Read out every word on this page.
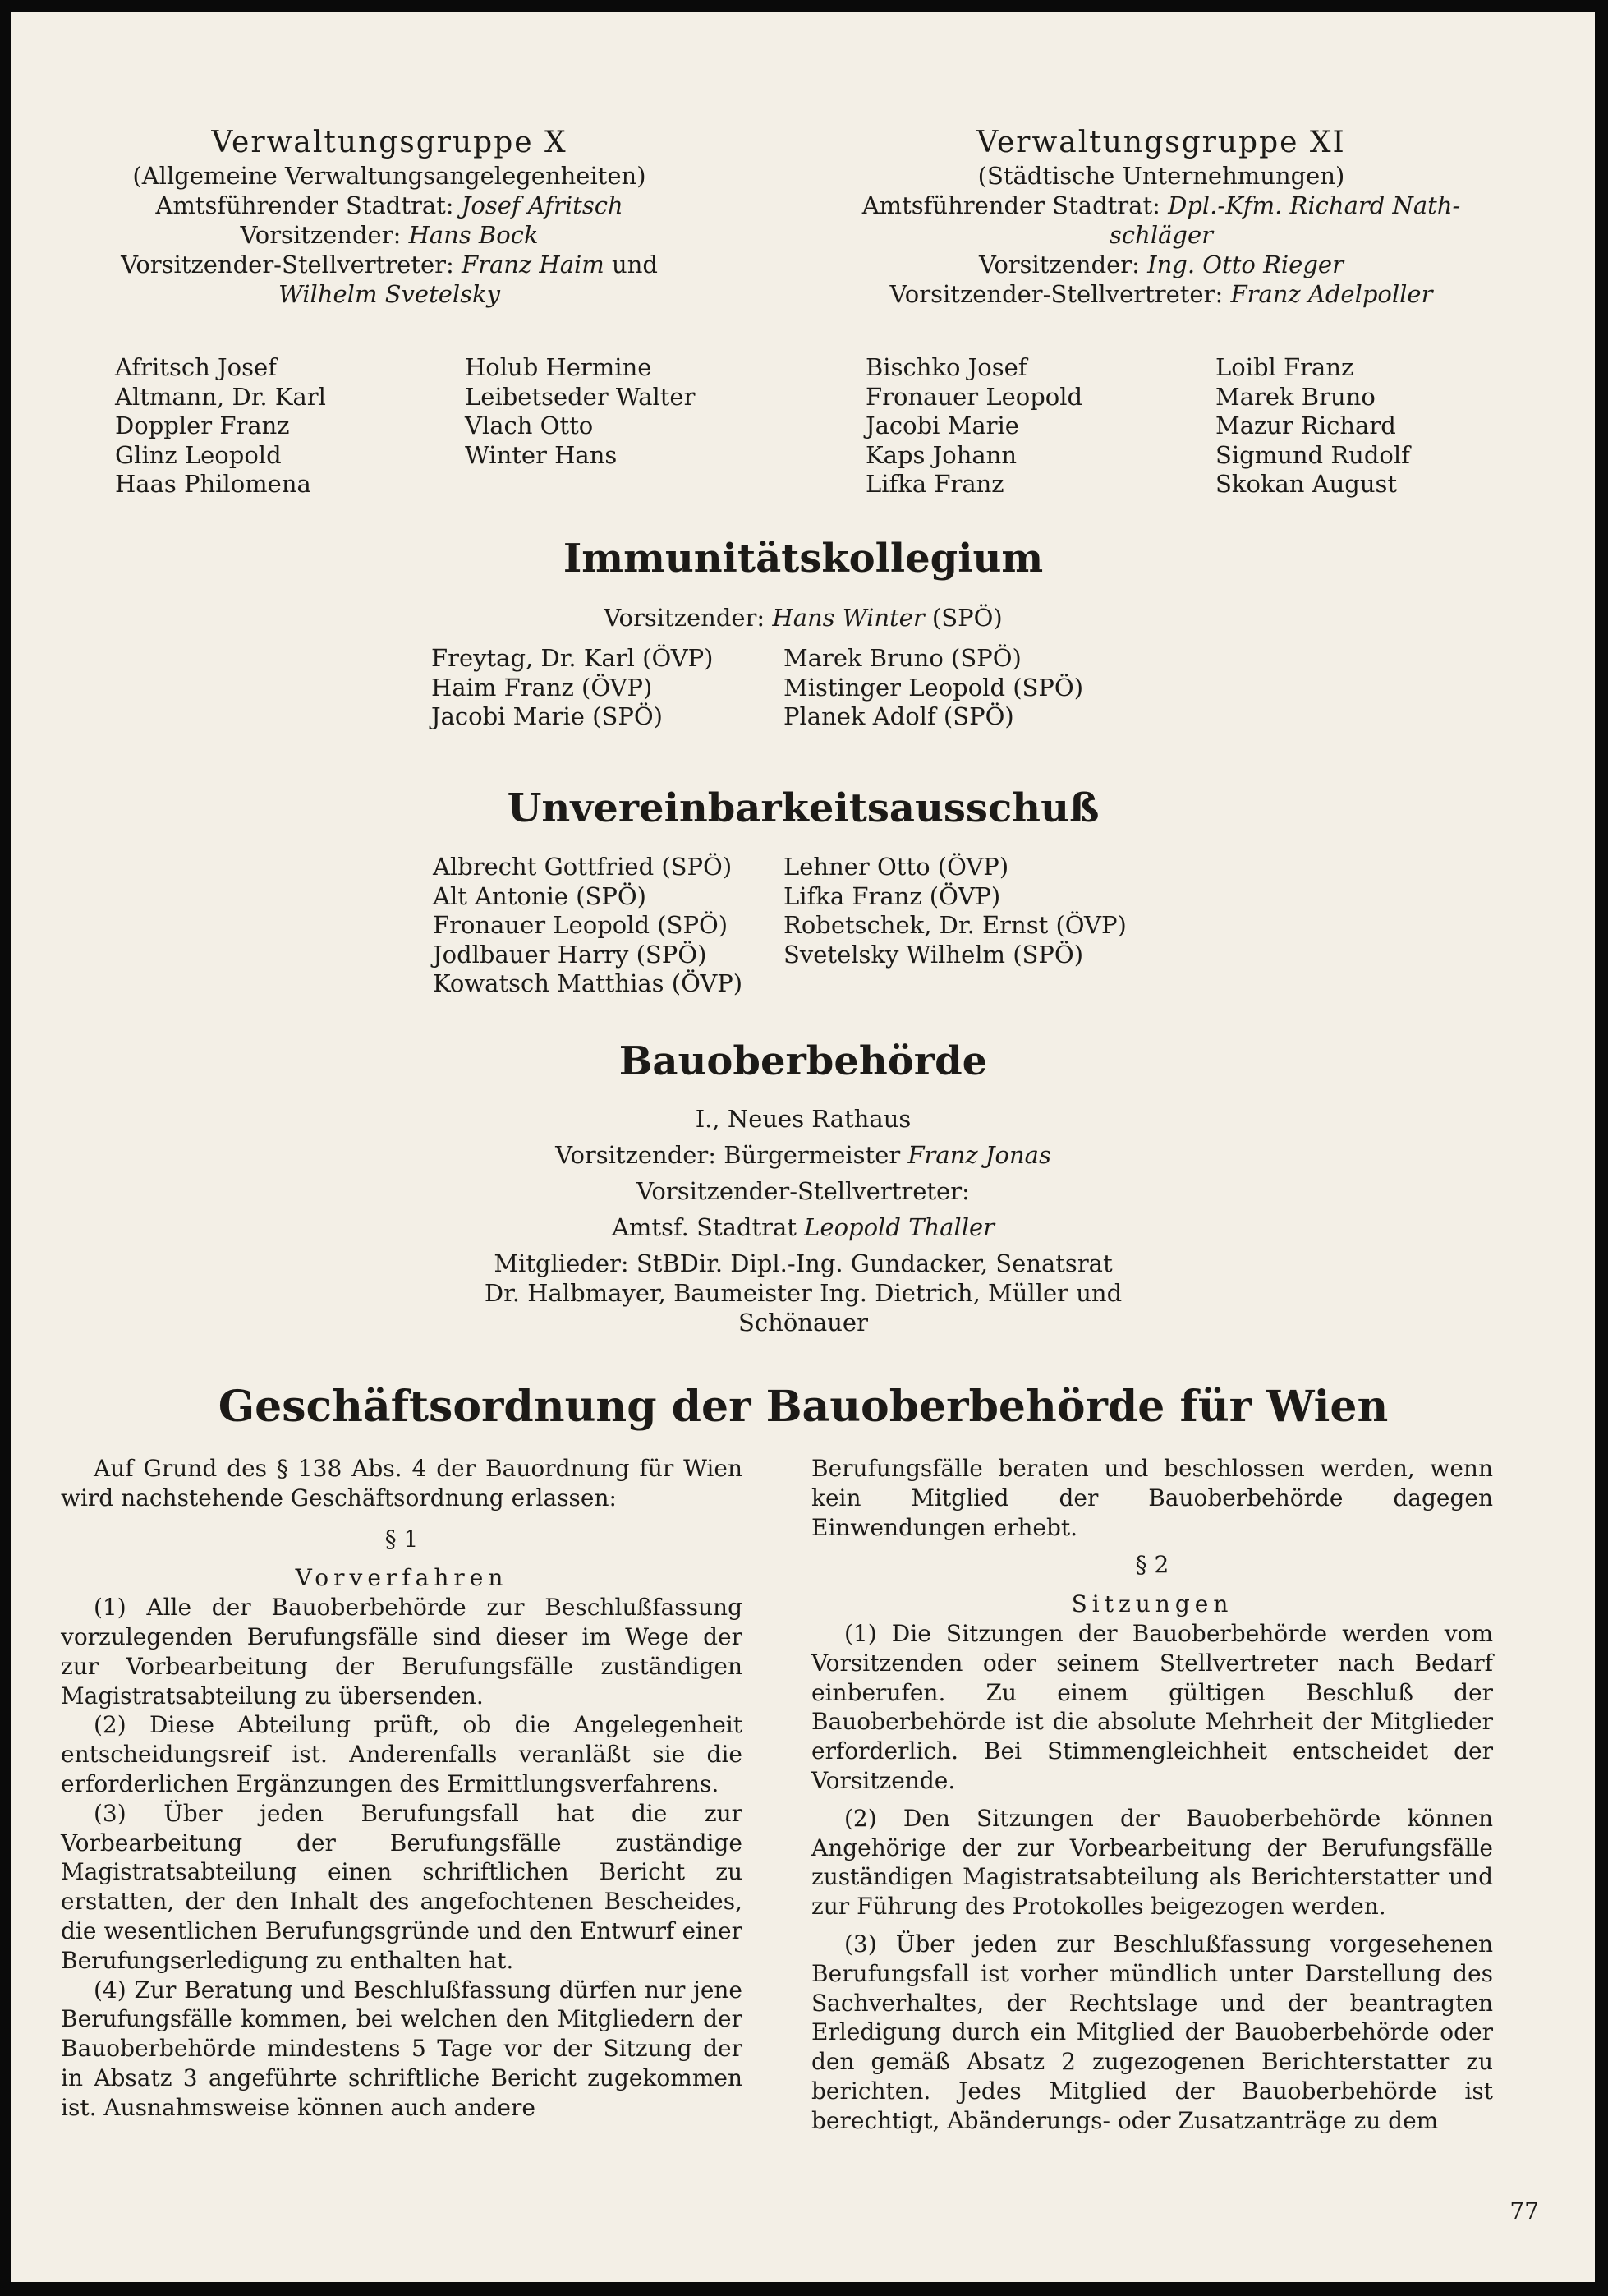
Verwaltungsgruppe X

(Allgemeine Verwaltungsangelegenheiten)

Amtsführender Stadtrat: Josef Afritsch

Vorsitzender: Hans Bock

Vorsitzender-Stellvertreter: Franz Haim und

Wilhelm Svetelsky

Afritsch Josef
Altmann, Dr. Karl
Doppler Franz
Glinz Leopold
Haas Philomena
Holub Hermine
Leibetseder Walter
Vlach Otto
Winter Hans

Verwaltungsgruppe XI

(Städtische Unternehmungen)

Amtsführender Stadtrat: Dpl.-Kfm. Richard Nath-

schläger

Vorsitzender: Ing. Otto Rieger

Vorsitzender-Stellvertreter: Franz Adelpoller

Bischko Josef
Fronauer Leopold
Jacobi Marie
Kaps Johann
Lifka Franz
Loibl Franz
Marek Bruno
Mazur Richard
Sigmund Rudolf
Skokan August
Immunitätskollegium

Vorsitzender: Hans Winter (SPÖ)

Freytag, Dr. Karl (ÖVP)
Haim Franz (ÖVP)
Jacobi Marie (SPÖ)
Marek Bruno (SPÖ)
Mistinger Leopold (SPÖ)
Planek Adolf (SPÖ)
Unvereinbarkeitsausschuß
Albrecht Gottfried (SPÖ)
Alt Antonie (SPÖ)
Fronauer Leopold (SPÖ)
Jodlbauer Harry (SPÖ)
Kowatsch Matthias (ÖVP)
Lehner Otto (ÖVP)
Lifka Franz (ÖVP)
Robetschek, Dr. Ernst (ÖVP)
Svetelsky Wilhelm (SPÖ)
Bauoberbehörde

I., Neues Rathaus

Vorsitzender: Bürgermeister Franz Jonas

Vorsitzender-Stellvertreter:

Amtsf. Stadtrat Leopold Thaller

Mitglieder: StBDir. Dipl.-Ing. Gundacker, Senatsrat

Dr. Halbmayer, Baumeister Ing. Dietrich, Müller und

Schönauer

Geschäftsordnung der Bauoberbehörde für Wien

Auf Grund des § 138 Abs. 4 der Bauordnung für Wien wird nachstehende Geschäftsordnung erlassen:

§ 1

Vorverfahren

(1) Alle der Bauoberbehörde zur Beschlußfassung vorzulegenden Berufungsfälle sind dieser im Wege der zur Vorbearbeitung der Berufungsfälle zuständigen Magistratsabteilung zu übersenden.

(2) Diese Abteilung prüft, ob die Angelegenheit entscheidungsreif ist. Anderenfalls veranläßt sie die erforderlichen Ergänzungen des Ermittlungsverfahrens.

(3) Über jeden Berufungsfall hat die zur Vorbearbeitung der Berufungsfälle zuständige Magistratsabteilung einen schriftlichen Bericht zu erstatten, der den Inhalt des angefochtenen Bescheides, die wesentlichen Berufungsgründe und den Entwurf einer Berufungserledigung zu enthalten hat.

(4) Zur Beratung und Beschlußfassung dürfen nur jene Berufungsfälle kommen, bei welchen den Mitgliedern der Bauoberbehörde mindestens 5 Tage vor der Sitzung der in Absatz 3 angeführte schriftliche Bericht zugekommen ist. Ausnahmsweise können auch andere

Berufungsfälle beraten und beschlossen werden, wenn kein Mitglied der Bauoberbehörde dagegen Einwendungen erhebt.

§ 2

Sitzungen

(1) Die Sitzungen der Bauoberbehörde werden vom Vorsitzenden oder seinem Stellvertreter nach Bedarf einberufen. Zu einem gültigen Beschluß der Bauoberbehörde ist die absolute Mehrheit der Mitglieder erforderlich. Bei Stimmengleichheit entscheidet der Vorsitzende.

(2) Den Sitzungen der Bauoberbehörde können Angehörige der zur Vorbearbeitung der Berufungsfälle zuständigen Magistratsabteilung als Berichterstatter und zur Führung des Protokolles beigezogen werden.

(3) Über jeden zur Beschlußfassung vorgesehenen Berufungsfall ist vorher mündlich unter Darstellung des Sachverhaltes, der Rechtslage und der beantragten Erledigung durch ein Mitglied der Bauoberbehörde oder den gemäß Absatz 2 zugezogenen Berichterstatter zu berichten. Jedes Mitglied der Bauoberbehörde ist berechtigt, Abänderungs- oder Zusatzanträge zu dem

77
